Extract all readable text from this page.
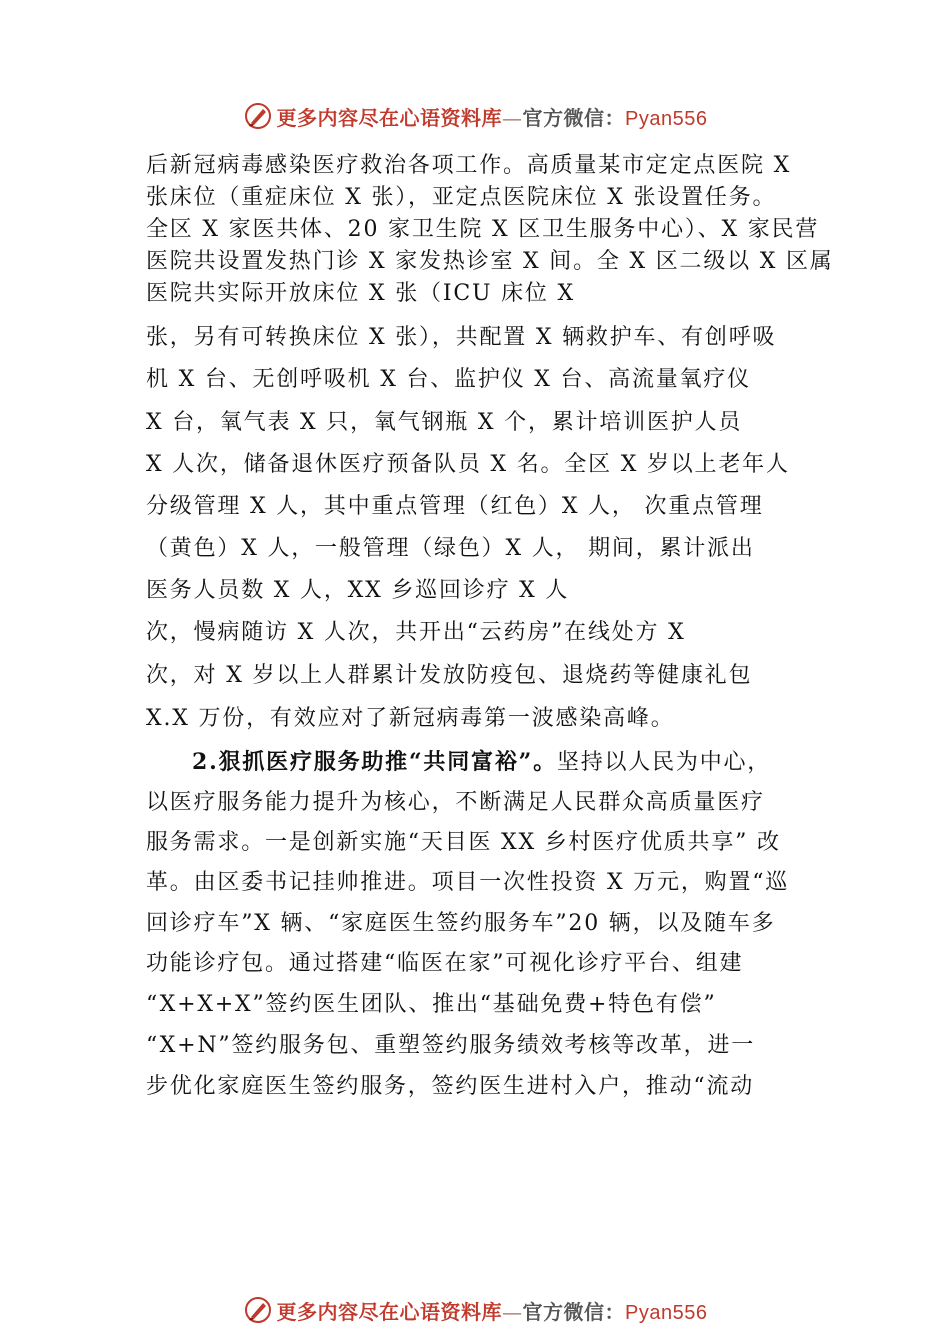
更多内容尽在心语资料库—官方微信：Pyan556
后新冠病毒感染医疗救治各项工作。高质量某市定定点医院 X
张床位（重症床位 X 张），亚定点医院床位 X 张设置任务。
全区 X 家医共体、20 家卫生院 X 区卫生服务中心）、X 家民营
医院共设置发热门诊 X 家发热诊室 X 间。全 X 区二级以 X 区属
医院共实际开放床位 X 张（ICU 床位 X
张，另有可转换床位 X 张），共配置 X 辆救护车、有创呼吸
机 X 台、无创呼吸机 X 台、监护仪 X 台、高流量氧疗仪
X 台，氧气表 X 只，氧气钢瓶 X 个，累计培训医护人员
X 人次，储备退休医疗预备队员 X 名。全区 X 岁以上老年人
分级管理 X 人，其中重点管理（红色）X 人， 次重点管理
（黄色）X 人，一般管理（绿色）X 人， 期间，累计派出
医务人员数 X 人，XX 乡巡回诊疗 X 人
次，慢病随访 X 人次，共开出“云药房”在线处方 X
次，对 X 岁以上人群累计发放防疫包、退烧药等健康礼包
X.X 万份，有效应对了新冠病毒第一波感染高峰。
2.狠抓医疗服务助推“共同富裕”。坚持以人民为中心，
以医疗服务能力提升为核心，不断满足人民群众高质量医疗
服务需求。一是创新实施“天目医 XX 乡村医疗优质共享” 改
革。由区委书记挂帅推进。项目一次性投资 X 万元，购置“巡
回诊疗车”X 辆、“家庭医生签约服务车”20 辆，以及随车多
功能诊疗包。通过搭建“临医在家”可视化诊疗平台、组建
“X+X+X”签约医生团队、推出“基础免费+特色有偿”
“X+N”签约服务包、重塑签约服务绩效考核等改革，进一
步优化家庭医生签约服务，签约医生进村入户，推动“流动
更多内容尽在心语资料库—官方微信：Pyan556
